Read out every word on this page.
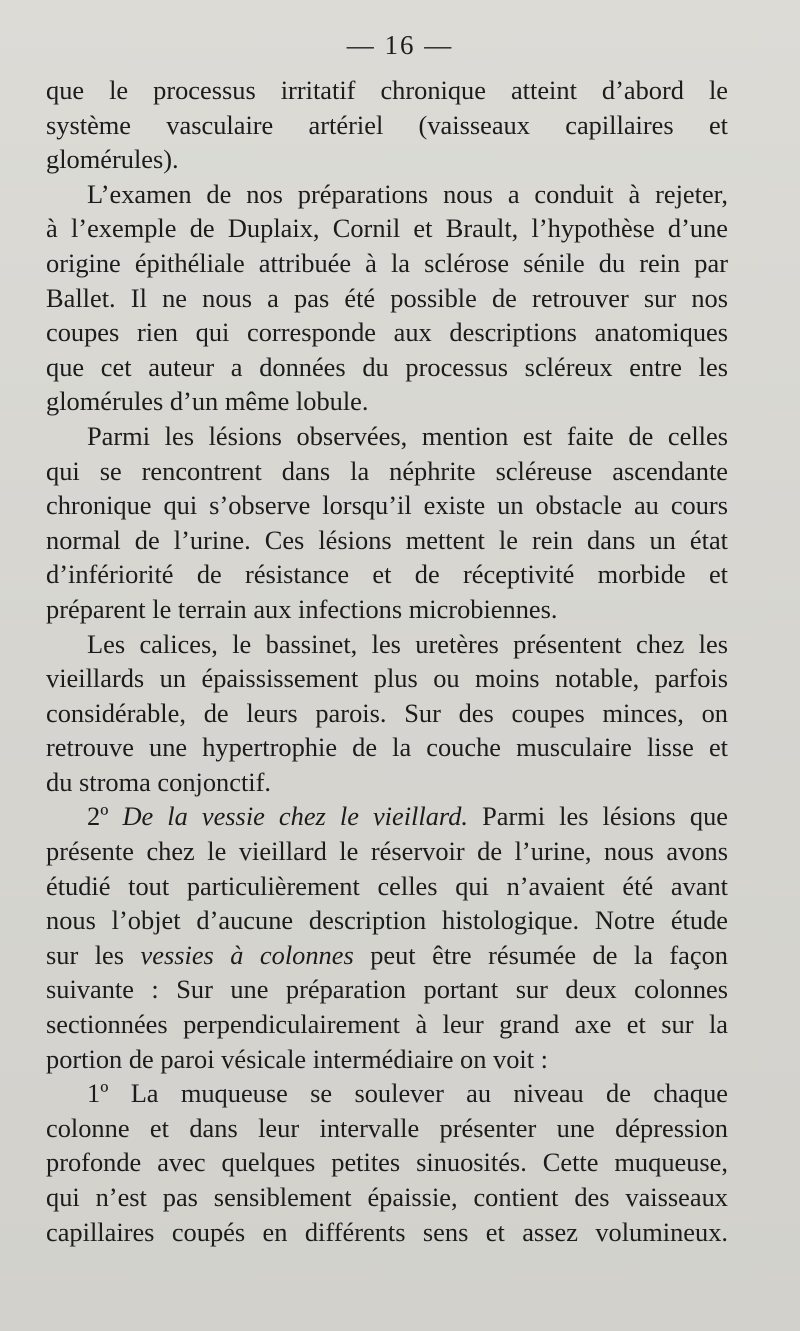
— 16 —
que le processus irritatif chronique atteint d’abord le
système vasculaire artériel (vaisseaux capillaires et
glomérules).
L’examen de nos préparations nous a conduit à rejeter,
à l’exemple de Duplaix, Cornil et Brault, l’hypothèse d’une
origine épithéliale attribuée à la sclérose sénile du rein par
Ballet. Il ne nous a pas été possible de retrouver sur nos
coupes rien qui corresponde aux descriptions anatomiques
que cet auteur a données du processus scléreux entre les
glomérules d’un même lobule.
Parmi les lésions observées, mention est faite de celles
qui se rencontrent dans la néphrite scléreuse ascendante
chronique qui s’observe lorsqu’il existe un obstacle au cours
normal de l’urine. Ces lésions mettent le rein dans un état
d’infériorité de résistance et de réceptivité morbide et
préparent le terrain aux infections microbiennes.
Les calices, le bassinet, les uretères présentent chez les
vieillards un épaississement plus ou moins notable, parfois
considérable, de leurs parois. Sur des coupes minces, on
retrouve une hypertrophie de la couche musculaire lisse et
du stroma conjonctif.
2º De la vessie chez le vieillard. Parmi les lésions que
présente chez le vieillard le réservoir de l’urine, nous avons
étudié tout particulièrement celles qui n’avaient été avant
nous l’objet d’aucune description histologique. Notre étude
sur les vessies à colonnes peut être résumée de la façon
suivante : Sur une préparation portant sur deux colonnes
sectionnées perpendiculairement à leur grand axe et sur la
portion de paroi vésicale intermédiaire on voit :
1º La muqueuse se soulever au niveau de chaque
colonne et dans leur intervalle présenter une dépression
profonde avec quelques petites sinuosités. Cette muqueuse,
qui n’est pas sensiblement épaissie, contient des vaisseaux
capillaires coupés en différents sens et assez volumineux.
